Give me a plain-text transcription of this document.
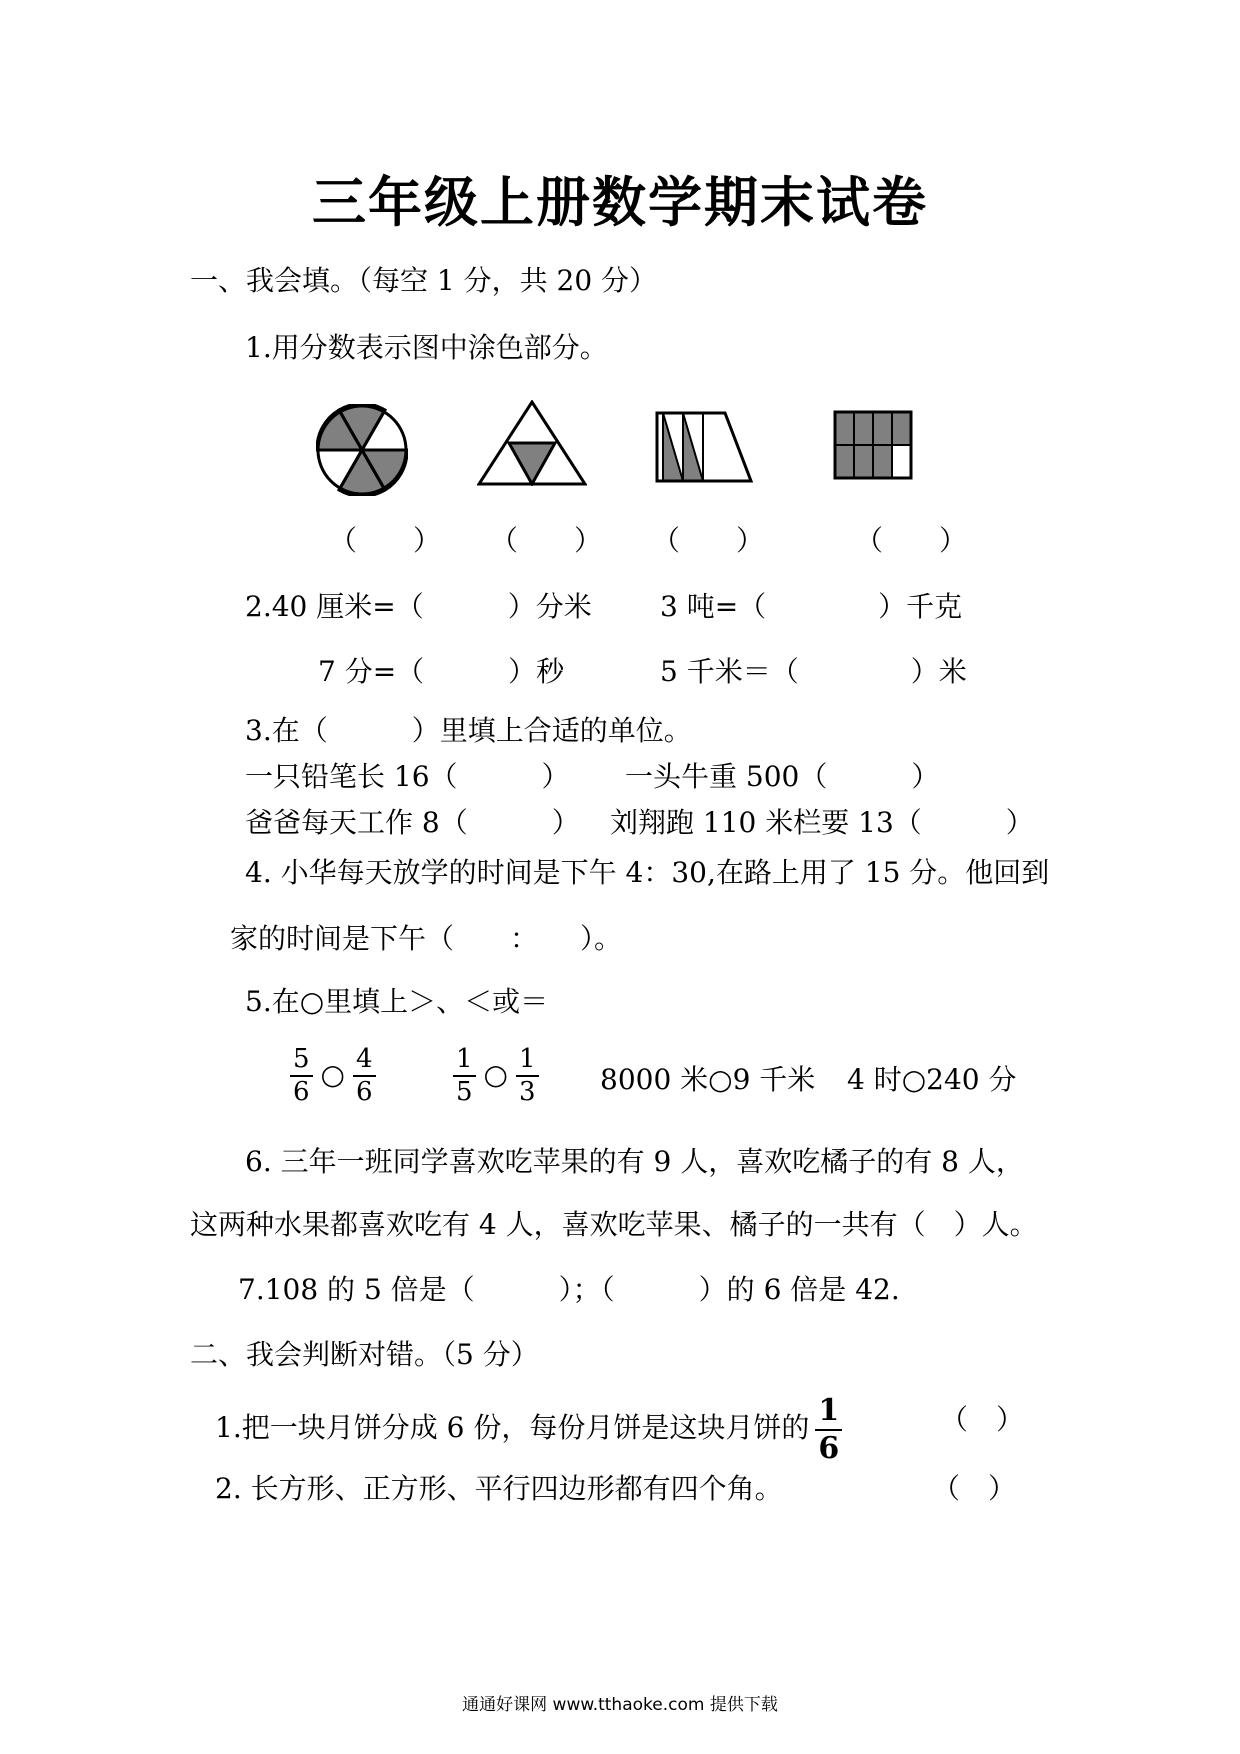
三年级上册数学期末试卷
一、我会填。（每空 1 分，共 20 分）
1.用分数表示图中涂色部分。
（　　） （　　） （　　）	（　　）
2.40 厘米=（　　　）分米 3 吨=（　　　　）千克
7 分=（　　　）秒	5 千米＝（　　　　）米
3.在（　　　）里填上合适的单位。
一只铅笔长 16（　　　） 一头牛重 500（　　　）
爸爸每天工作 8（　　　） 刘翔跑 110 米栏要 13（　　　）
4. 小华每天放学的时间是下午 4：30,在路上用了 15 分。他回到
家的时间是下午（　　：　　）。
5.在○里填上＞、＜或＝
$\frac{5}{6}$ ○ $\frac{4}{6}$	$\frac{1}{5}$ ○ $\frac{1}{3} 8000$ 米○9 千米 4 时○240 分
6. 三年一班同学喜欢吃苹果的有 9 人，喜欢吃橘子的有 8 人，
这两种水果都喜欢吃有 4 人，喜欢吃苹果、橘子的一共有（　）人。
7.108 的 5 倍是（　　　）；（　　　）的 6 倍是 42.
二、我会判断对错。（5 分）
1.把一块月饼分成 6 份，每份月饼是这块月饼的 $\frac{1}{6}$	（　）
2. 长方形、正方形、平行四边形都有四个角。	（　）
通通好课网 www.tthaoke.com 提供下载
